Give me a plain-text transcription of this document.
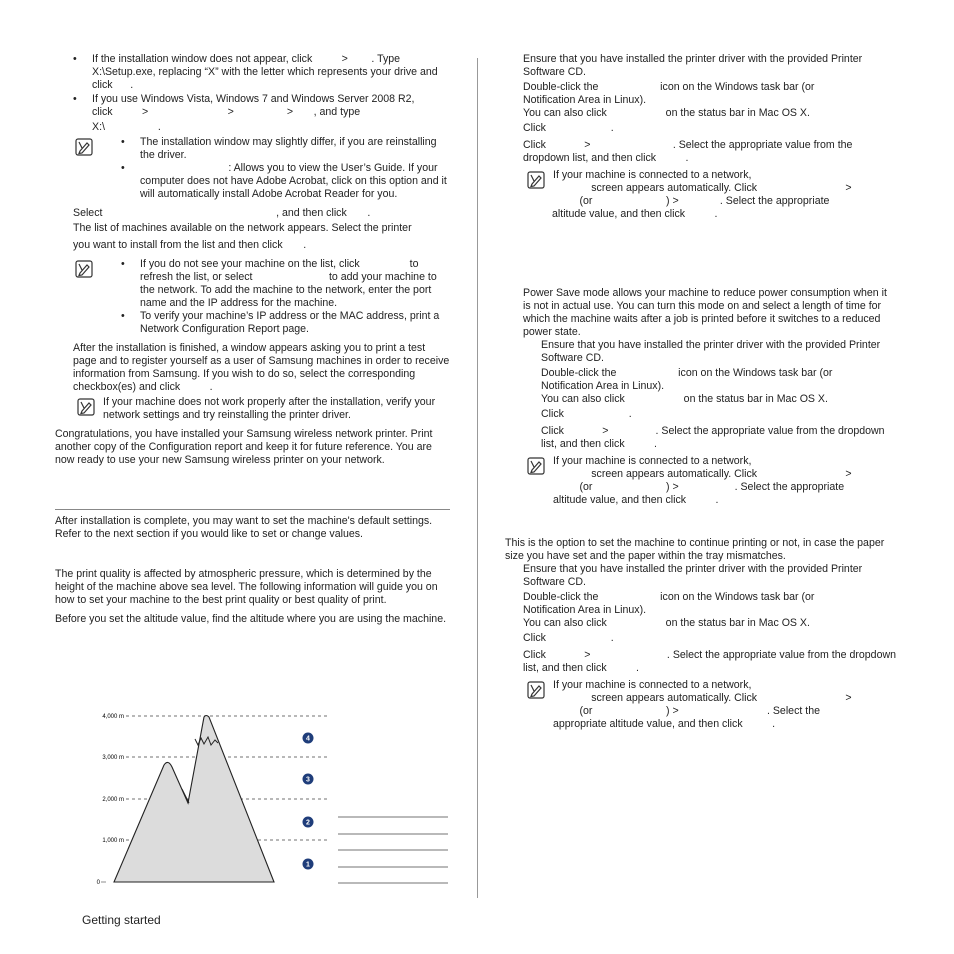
• If the installation window does not appear, click          >        . Type X:\Setup.exe, replacing “X” with the letter which represents your drive and click      .
• If you use Windows Vista, Windows 7 and Windows Server 2008 R2,
click          >                           >                  >       , and type

X:\                  .

• The installation window may slightly differ, if you are reinstalling the driver.
•                               : Allows you to view the User’s Guide. If your computer does not have Adobe Acrobat, click on this option and it will automatically install Adobe Acrobat Reader for you.

Select                                                           , and then click       .

The list of machines available on the network appears. Select the printer

you want to install from the list and then click       .

• If you do not see your machine on the list, click                 to refresh the list, or select                          to add your machine to the network. To add the machine to the network, enter the port name and the IP address for the machine.
• To verify your machine’s IP address or the MAC address, print a Network Configuration Report page.

After the installation is finished, a window appears asking you to print a test page and to register yourself as a user of Samsung machines in order to receive information from Samsung. If you wish to do so, select the corresponding checkbox(es) and click          .

If your machine does not work properly after the installation, verify your network settings and try reinstalling the printer driver.

Congratulations, you have installed your Samsung wireless network printer. Print another copy of the Configuration report and keep it for future reference. You are now ready to use your new Samsung wireless printer on your network.

After installation is complete, you may want to set the machine's default settings. Refer to the next section if you would like to set or change values.

The print quality is affected by atmospheric pressure, which is determined by the height of the machine above sea level. The following information will guide you on how to set your machine to the best print quality or best quality of print.

Before you set the altitude value, find the altitude where you are using the machine.

4,000 m
3,000 m
2,000 m
1,000 m
0
4
3
2
1

Ensure that you have installed the printer driver with the provided Printer Software CD.

Double-click the                     icon on the Windows task bar (or

Notification Area in Linux).

You can also click                    on the status bar in Mac OS X.

Click                      .

Click             >                            . Select the appropriate value from the dropdown list, and then click          .

If your machine is connected to a network,

screen appears automatically. Click                              >

(or                         ) >              . Select the appropriate

altitude value, and then click          .

Power Save mode allows your machine to reduce power consumption when it is not in actual use. You can turn this mode on and select a length of time for which the machine waits after a job is printed before it switches to a reduced power state.

Ensure that you have installed the printer driver with the provided Printer Software CD.

Double-click the                     icon on the Windows task bar (or

Notification Area in Linux).

You can also click                    on the status bar in Mac OS X.

Click                      .

Click             >                . Select the appropriate value from the dropdown list, and then click          .

If your machine is connected to a network,

screen appears automatically. Click                              >

(or                         ) >                   . Select the appropriate

altitude value, and then click          .

This is the option to set the machine to continue printing or not, in case the paper size you have set and the paper within the tray mismatches.

Ensure that you have installed the printer driver with the provided Printer Software CD.

Double-click the                     icon on the Windows task bar (or

Notification Area in Linux).

You can also click                    on the status bar in Mac OS X.

Click                      .

Click             >                          . Select the appropriate value from the dropdown list, and then click          .

If your machine is connected to a network,

screen appears automatically. Click                              >

(or                         ) >                              . Select the

appropriate altitude value, and then click          .

Getting started
